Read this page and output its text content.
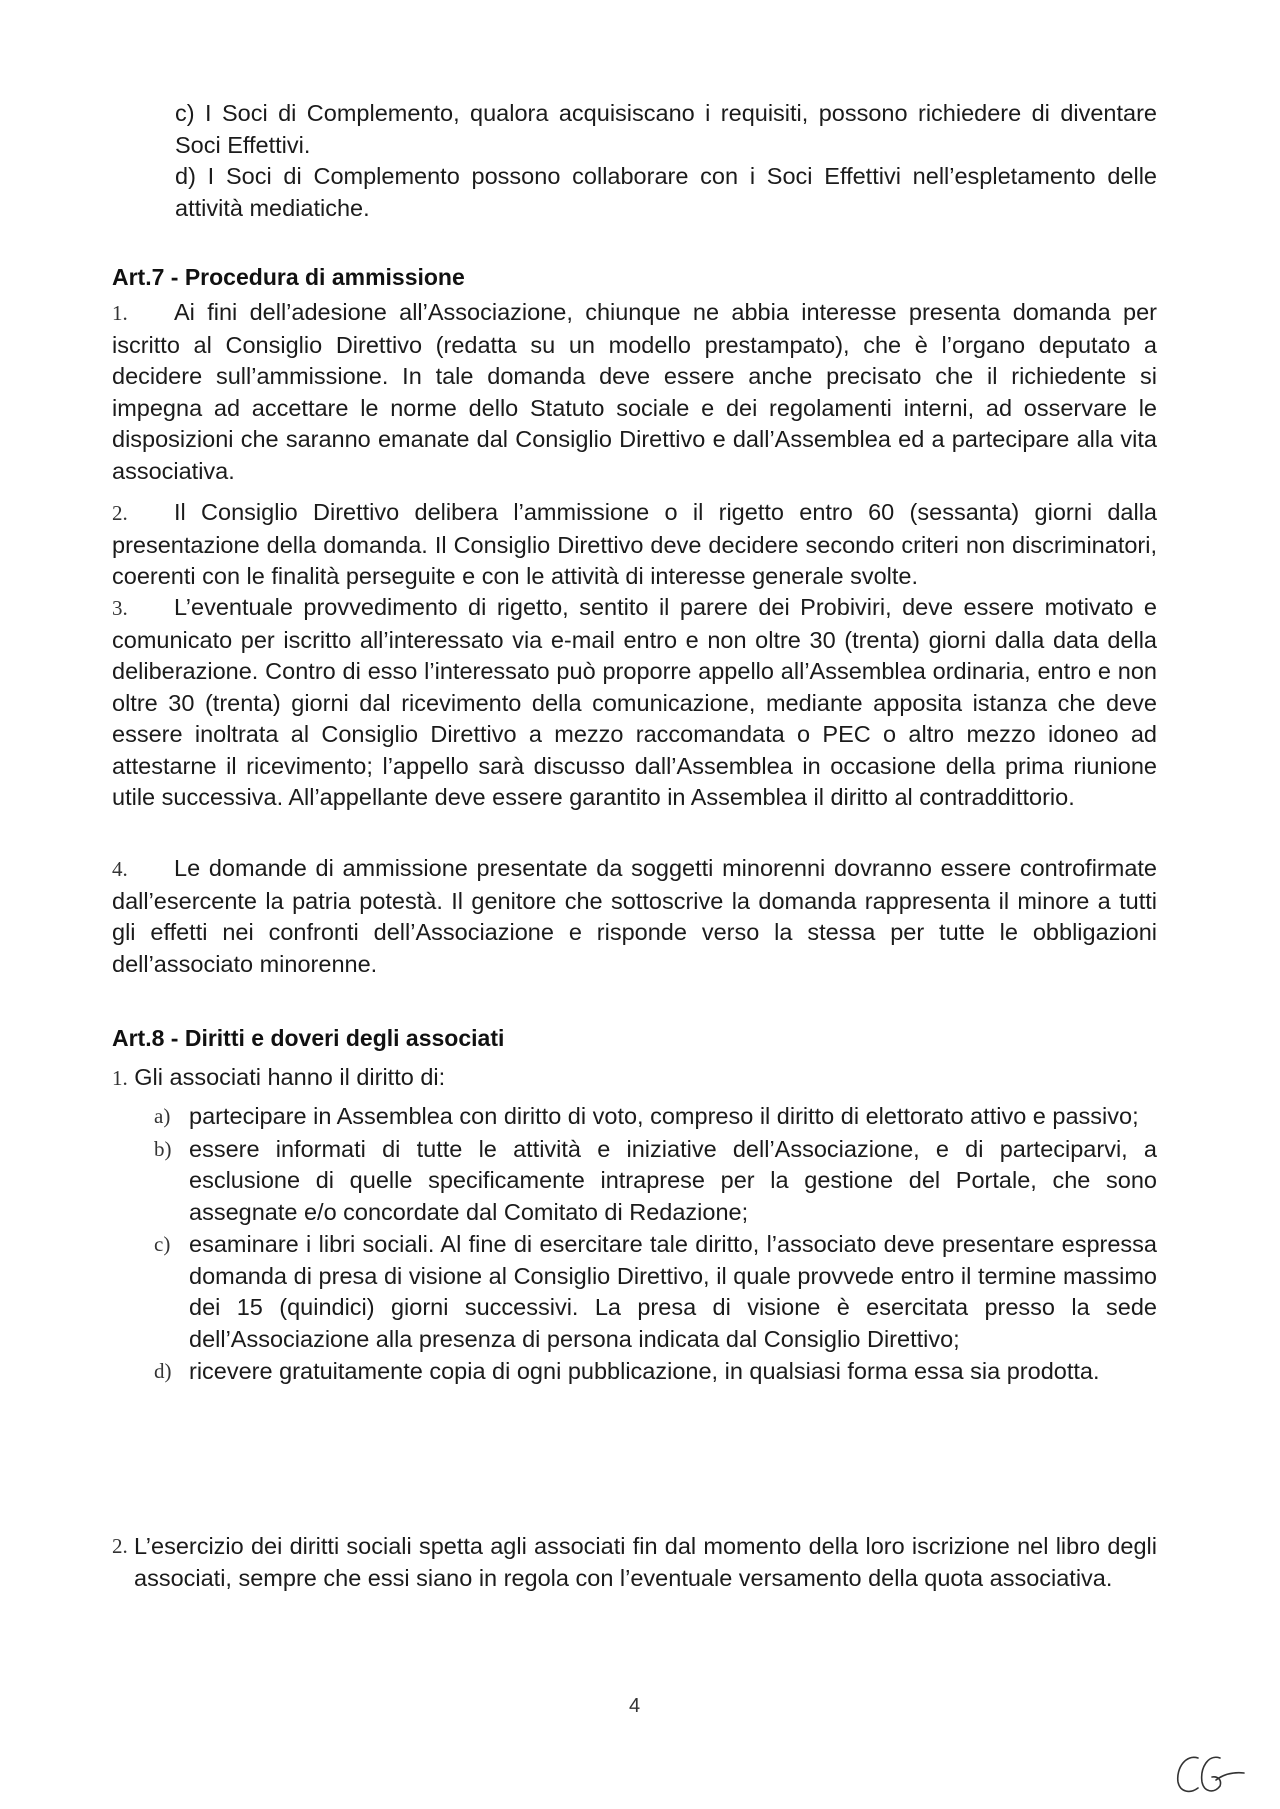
c) I Soci di Complemento, qualora acquisiscano i requisiti, possono richiedere di diventare Soci Effettivi.

d) I Soci di Complemento possono collaborare con i Soci Effettivi nell’espletamento delle attività mediatiche.

Art.7 - Procedura di ammissione
1. Ai fini dell’adesione all’Associazione, chiunque ne abbia interesse presenta domanda per iscritto al Consiglio Direttivo (redatta su un modello prestampato), che è l’organo deputato a decidere sull’ammissione. In tale domanda deve essere anche precisato che il richiedente si impegna ad accettare le norme dello Statuto sociale e dei regolamenti interni, ad osservare le disposizioni che saranno emanate dal Consiglio Direttivo e dall’Assemblea ed a partecipare alla vita associativa.
2. Il Consiglio Direttivo delibera l’ammissione o il rigetto entro 60 (sessanta) giorni dalla presentazione della domanda. Il Consiglio Direttivo deve decidere secondo criteri non discriminatori, coerenti con le finalità perseguite e con le attività di interesse generale svolte.
3. L’eventuale provvedimento di rigetto, sentito il parere dei Probiviri, deve essere motivato e comunicato per iscritto all’interessato via e-mail entro e non oltre 30 (trenta) giorni dalla data della deliberazione. Contro di esso l’interessato può proporre appello all’Assemblea ordinaria, entro e non oltre 30 (trenta) giorni dal ricevimento della comunicazione, mediante apposita istanza che deve essere inoltrata al Consiglio Direttivo a mezzo raccomandata o PEC o altro mezzo idoneo ad attestarne il ricevimento; l’appello sarà discusso dall’Assemblea in occasione della prima riunione utile successiva. All’appellante deve essere garantito in Assemblea il diritto al contraddittorio.
4. Le domande di ammissione presentate da soggetti minorenni dovranno essere controfirmate dall’esercente la patria potestà. Il genitore che sottoscrive la domanda rappresenta il minore a tutti gli effetti nei confronti dell’Associazione e risponde verso la stessa per tutte le obbligazioni dell’associato minorenne.
Art.8 - Diritti e doveri degli associati
1. Gli associati hanno il diritto di:
a) partecipare in Assemblea con diritto di voto, compreso il diritto di elettorato attivo e passivo;
b) essere informati di tutte le attività e iniziative dell’Associazione, e di parteciparvi, a esclusione di quelle specificamente intraprese per la gestione del Portale, che sono assegnate e/o concordate dal Comitato di Redazione;
c) esaminare i libri sociali. Al fine di esercitare tale diritto, l’associato deve presentare espressa domanda di presa di visione al Consiglio Direttivo, il quale provvede entro il termine massimo dei 15 (quindici) giorni successivi. La presa di visione è esercitata presso la sede dell’Associazione alla presenza di persona indicata dal Consiglio Direttivo;
d) ricevere gratuitamente copia di ogni pubblicazione, in qualsiasi forma essa sia prodotta.
2. L’esercizio dei diritti sociali spetta agli associati fin dal momento della loro iscrizione nel libro degli associati, sempre che essi siano in regola con l’eventuale versamento della quota associativa.
4
